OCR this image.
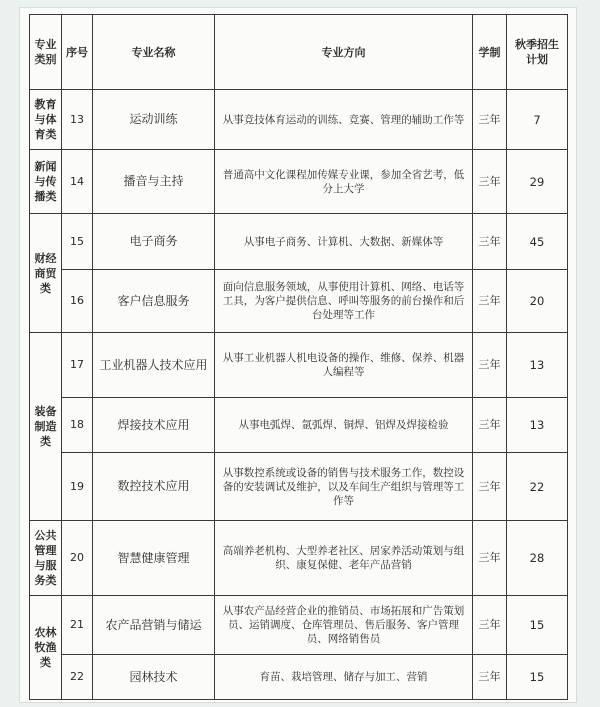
专业类别	序号	专业名称	专业方向	学制	秋季招生计划
教育与体育类	13	运动训练	从事竞技体育运动的训练、竞赛、管理的辅助工作等	三年	7
新闻与传播类	14	播音与主持	普通高中文化课程加传媒专业课，参加全省艺考，低分上大学	三年	29
财经商贸类	15	电子商务	从事电子商务、计算机、大数据、新媒体等	三年	45
	16	客户信息服务	面向信息服务领域，从事使用计算机、网络、电话等工具，为客户提供信息、呼叫等服务的前台操作和后台处理等工作	三年	20
装备制造类	17	工业机器人技术应用	从事工业机器人机电设备的操作、维修、保养、机器人编程等	三年	13
	18	焊接技术应用	从事电弧焊、氩弧焊、铜焊、铝焊及焊接检验	三年	13
	19	数控技术应用	从事数控系统或设备的销售与技术服务工作，数控设备的安装调试及维护，以及车间生产组织与管理等工作等	三年	22
公共管理与服务类	20	智慧健康管理	高端养老机构、大型养老社区、居家养活动策划与组织、康复保健、老年产品营销	三年	28
农林牧渔类	21	农产品营销与储运	从事农产品经营企业的推销员、市场拓展和广告策划员、运销调度、仓库管理员、售后服务、客户管理员、网络销售员	三年	15
	22	园林技术	育苗、栽培管理、储存与加工、营销	三年	15
